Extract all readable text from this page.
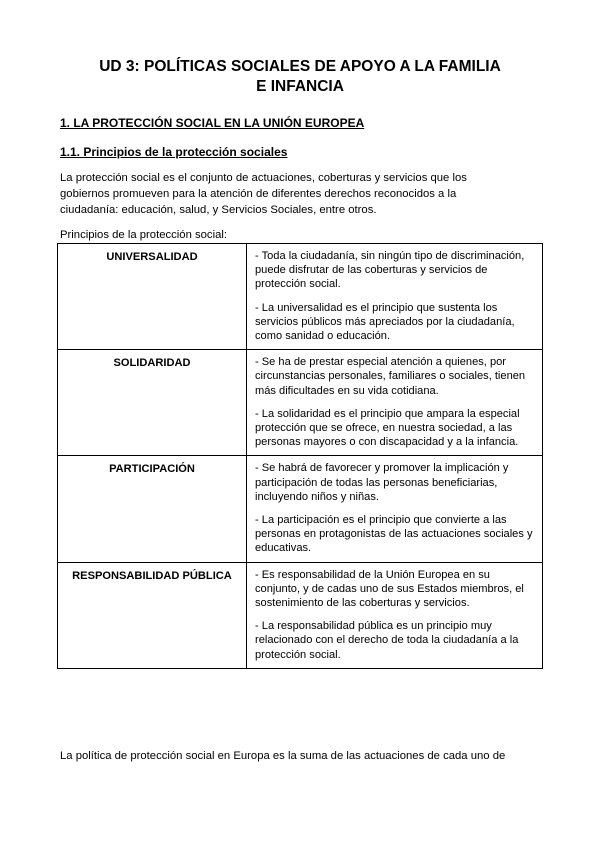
UD 3: POLÍTICAS SOCIALES DE APOYO A LA FAMILIA
E INFANCIA
1. LA PROTECCIÓN SOCIAL EN LA UNIÓN EUROPEA
1.1. Principios de la protección sociales
La protección social es el conjunto de actuaciones, coberturas y servicios que los gobiernos promueven para la atención de diferentes derechos reconocidos a la ciudadanía: educación, salud, y Servicios Sociales, entre otros.
Principios de la protección social:
UNIVERSALIDAD	- Toda la ciudadanía, sin ningún tipo de discriminación, puede disfrutar de las coberturas y servicios de protección social.

- La universalidad es el principio que sustenta los servicios públicos más apreciados por la ciudadanía, como sanidad o educación.

SOLIDARIDAD	- Se ha de prestar especial atención a quienes, por circunstancias personales, familiares o sociales, tienen más dificultades en su vida cotidiana.

- La solidaridad es el principio que ampara la especial protección que se ofrece, en nuestra sociedad, a las personas mayores o con discapacidad y a la infancia.

PARTICIPACIÓN	- Se habrá de favorecer y promover la implicación y participación de todas las personas beneficiarias, incluyendo niños y niñas.

- La participación es el principio que convierte a las personas en protagonistas de las actuaciones sociales y educativas.

RESPONSABILIDAD PÚBLICA	- Es responsabilidad de la Unión Europea en su conjunto, y de cadas uno de sus Estados miembros, el sostenimiento de las coberturas y servicios.

- La responsabilidad pública es un principio muy relacionado con el derecho de toda la ciudadanía a la protección social.

La política de protección social en Europa es la suma de las actuaciones de cada uno de
